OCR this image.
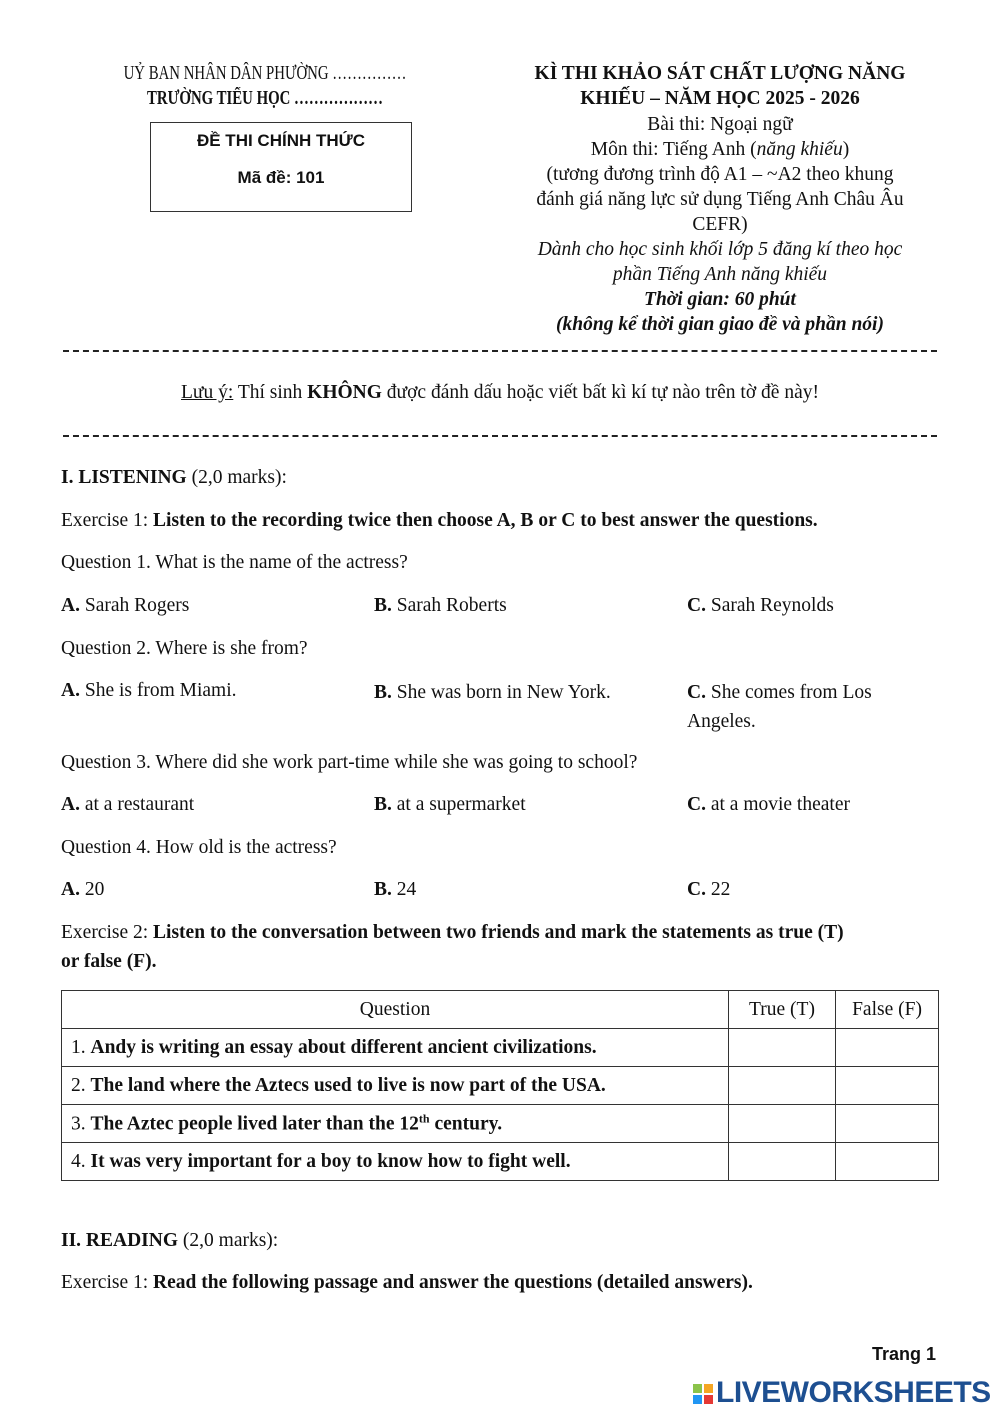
UỶ BAN NHÂN DÂN PHƯỜNG ……………
TRƯỜNG TIỂU HỌC ………………
ĐỀ THI CHÍNH THỨC
Mã đề: 101
KÌ THI KHẢO SÁT CHẤT LƯỢNG NĂNG
KHIẾU – NĂM HỌC 2025 - 2026
Bài thi: Ngoại ngữ
Môn thi: Tiếng Anh (năng khiếu)
(tương đương trình độ A1 – ~A2 theo khung
đánh giá năng lực sử dụng Tiếng Anh Châu Âu
CEFR)
Dành cho học sinh khối lớp 5 đăng kí theo học
phần Tiếng Anh năng khiếu
Thời gian: 60 phút
(không kể thời gian giao đề và phần nói)
Lưu ý: Thí sinh KHÔNG được đánh dấu hoặc viết bất kì kí tự nào trên tờ đề này!
I. LISTENING (2,0 marks):
Exercise 1: Listen to the recording twice then choose A, B or C to best answer the questions.
Question 1. What is the name of the actress?
A. Sarah Rogers	B. Sarah Roberts	C. Sarah Reynolds
Question 2. Where is she from?
A. She is from Miami.	B. She was born in New York.	C. She comes from Los Angeles.
Question 3. Where did she work part-time while she was going to school?
A. at a restaurant	B. at a supermarket	C. at a movie theater
Question 4. How old is the actress?
A. 20	B. 24	C. 22
Exercise 2: Listen to the conversation between two friends and mark the statements as true (T)
or false (F).
Question	True (T)	False (F)
1. Andy is writing an essay about different ancient civilizations.		
2. The land where the Aztecs used to live is now part of the USA.		
3. The Aztec people lived later than the 12th century.		
4. It was very important for a boy to know how to fight well.		
II. READING (2,0 marks):
Exercise 1: Read the following passage and answer the questions (detailed answers).
Trang 1
LIVEWORKSHEETS
